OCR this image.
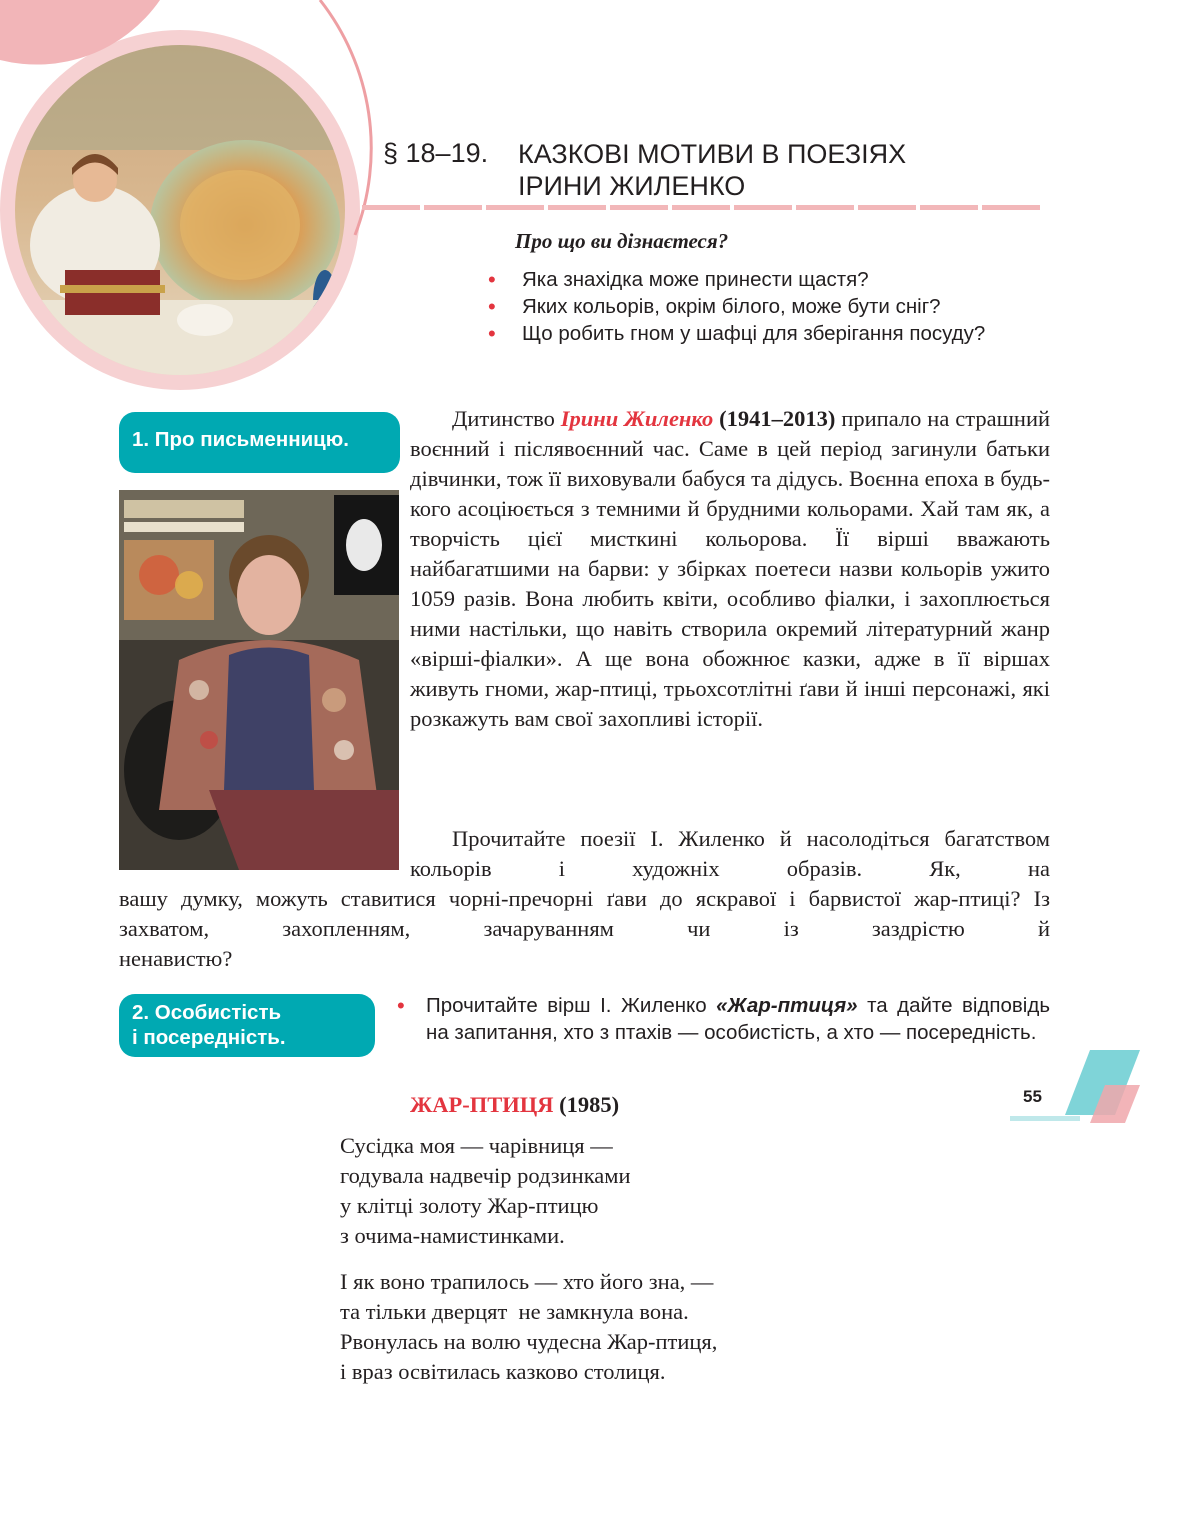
§ 18–19. КАЗКОВІ МОТИВИ В ПОЕЗІЯХ
ІРИНИ ЖИЛЕНКО
Про що ви дізнаєтеся?
• Яка знахідка може принести щастя?
• Яких кольорів, окрім білого, може бути сніг?
• Що робить гном у шафці для зберігання посуду?
1. Про письменницю.

Дитинство Ірини Жиленко (1941–2013) припало на страшний воєнний і післявоєнний час. Саме в цей період загинули батьки дівчинки, тож її виховували бабуся та дідусь. Воєнна епоха в будь-кого асоціюється з темними й брудними кольорами. Хай там як, а творчість цієї мисткині кольорова. Її вірші вважають найбагатшими на барви: у збірках поетеси назви кольорів ужито 1059 разів. Вона любить квіти, особливо фіалки, і захоплюється ними настільки, що навіть створила окремий літературний жанр «вірші-фіалки». А ще вона обожнює казки, адже в її віршах живуть гноми, жар-птиці, трьохсотлітні ґави й інші персонажі, які розкажуть вам свої захопливі історії.

Прочитайте поезії І. Жиленко й насолодіться багатством кольорів і художніх образів. Як, на

вашу думку, можуть ставитися чорні-пречорні ґави до яскравої і барвистої жар-птиці? Із захватом, захопленням, зачаруванням чи із заздрістю й
ненавистю?

2. Особистість
і посередність.
•	Прочитайте вірш І. Жиленко «Жар-птиця» та дайте відповідь на запитання, хто з птахів — особистість, а хто — посередність.
ЖАР-ПТИЦЯ (1985)

Сусідка моя — чарівниця —
годувала надвечір родзинками
у клітці золоту Жар-птицю
з очима-намистинками.

І як воно трапилось — хто його зна, —
та тільки дверцят  не замкнула вона.
Рвонулась на волю чудесна Жар-птиця,
і враз освітилась казково столиця.

55
